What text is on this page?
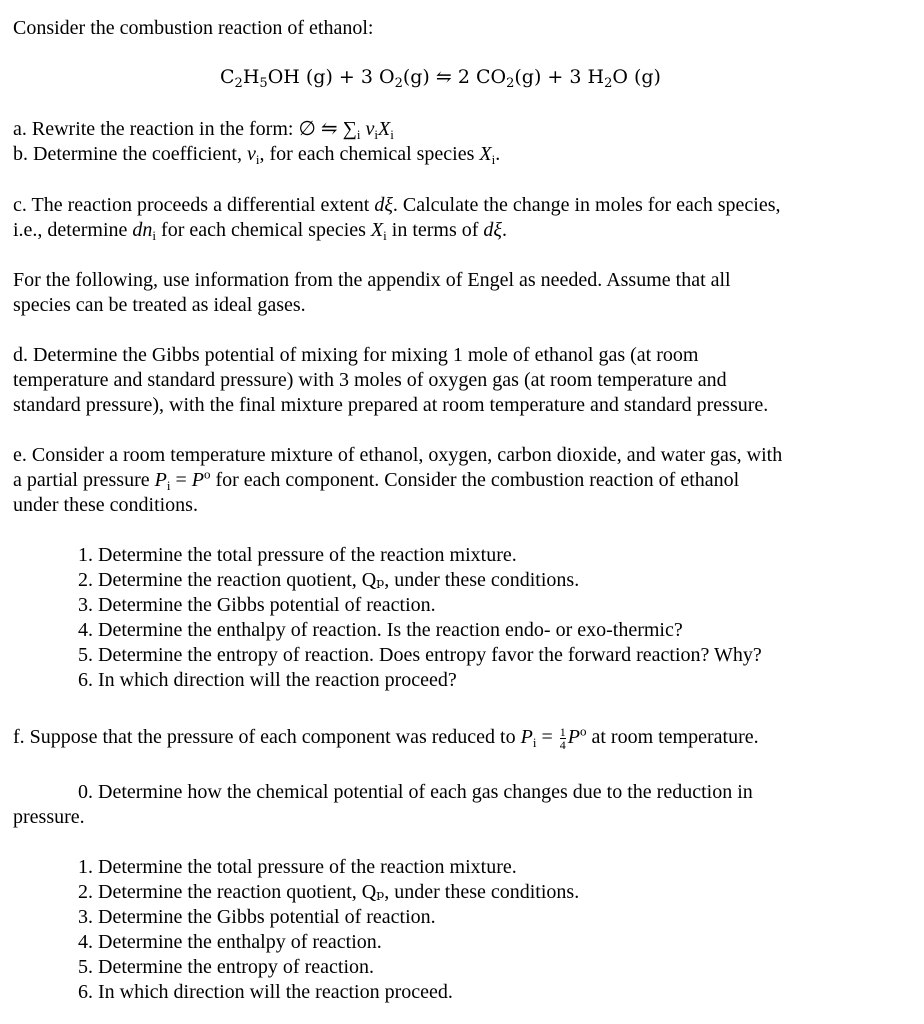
Consider the combustion reaction of ethanol:
$C_2H_5OH$ (g) + 3 $O_2(g)$ ⇋ 2 $CO_2(g) + 3$ $H_2O$ (g)
a. Rewrite the reaction in the form: ∅ ⇋ $\sum_i$ $v_iX_i$
b. Determine the coefficient, $v_i$, for each chemical species $X_i$.
c. The reaction proceeds a differential extent dξ. Calculate the change in moles for each species,
i.e., determine $dn_i$ for each chemical species $X_i$ in terms of dξ.
For the following, use information from the appendix of Engel as needed. Assume that all
species can be treated as ideal gases.
d. Determine the Gibbs potential of mixing for mixing 1 mole of ethanol gas (at room
temperature and standard pressure) with 3 moles of oxygen gas (at room temperature and
standard pressure), with the final mixture prepared at room temperature and standard pressure.
e. Consider a room temperature mixture of ethanol, oxygen, carbon dioxide, and water gas, with
a partial pressure $P_i = P^o$ for each component. Consider the combustion reaction of ethanol
under these conditions.
1. Determine the total pressure of the reaction mixture.
2. Determine the reaction quotient, Qₚ, under these conditions.
3. Determine the Gibbs potential of reaction.
4. Determine the enthalpy of reaction. Is the reaction endo- or exo-thermic?
5. Determine the entropy of reaction. Does entropy favor the forward reaction? Why?
6. In which direction will the reaction proceed?
f. Suppose that the pressure of each component was reduced to $P_i = \frac{1}{4} P^o$ at room temperature.
0. Determine how the chemical potential of each gas changes due to the reduction in
pressure.
1. Determine the total pressure of the reaction mixture.
2. Determine the reaction quotient, Qₚ, under these conditions.
3. Determine the Gibbs potential of reaction.
4. Determine the enthalpy of reaction.
5. Determine the entropy of reaction.
6. In which direction will the reaction proceed.
